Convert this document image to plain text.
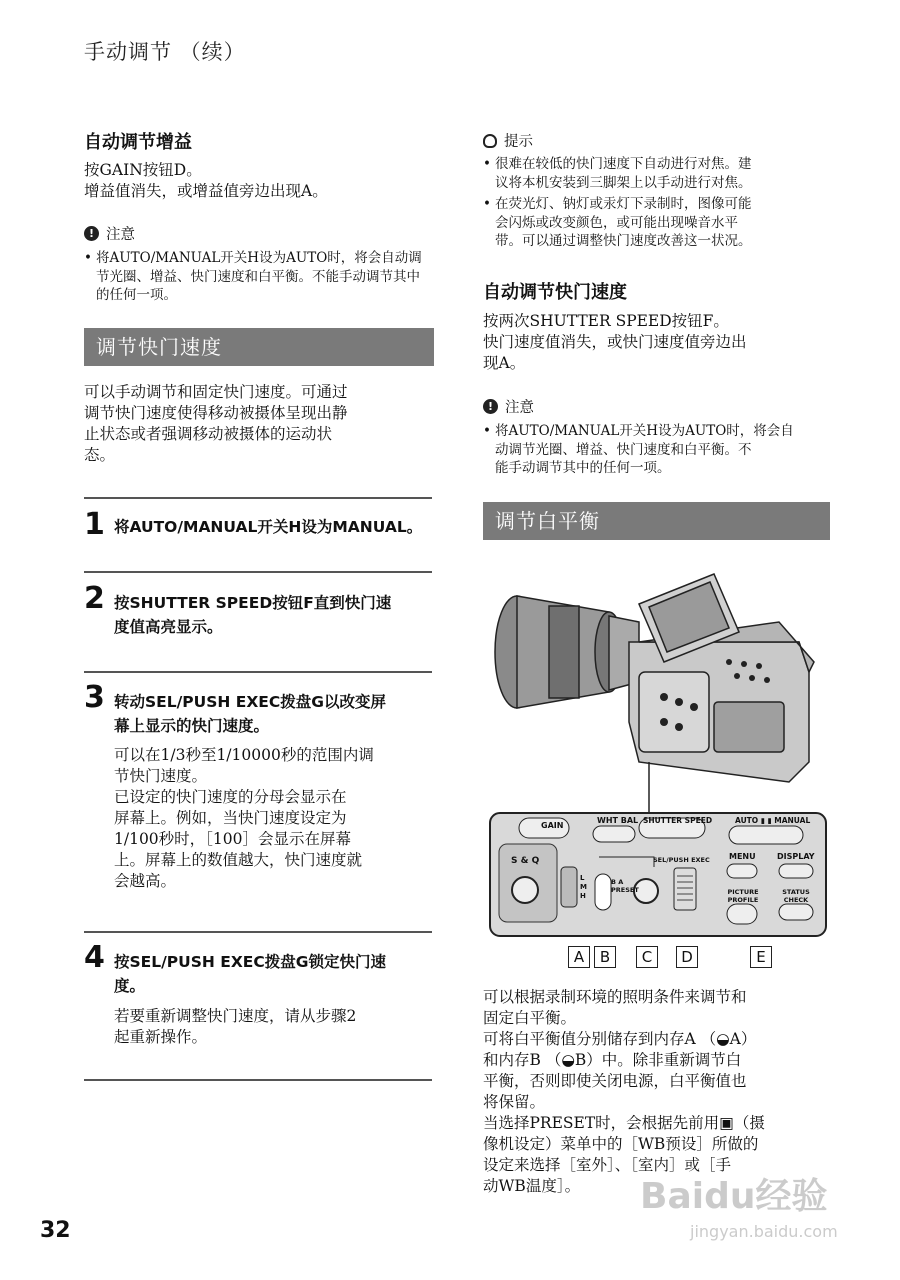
手动调节 （续）
自动调节增益
按GAIN按钮D。
增益值消失，或增益值旁边出现A。
! 注意
• 将AUTO/MANUAL开关H设为AUTO时，将会自动调节光圈、增益、快门速度和白平衡。不能手动调节其中的任何一项。
调节快门速度
可以手动调节和固定快门速度。可通过
调节快门速度使得移动被摄体呈现出静
止状态或者强调移动被摄体的运动状
态。
1 将AUTO/MANUAL开关H设为MANUAL。
2 按SHUTTER SPEED按钮F直到快门速
度值高亮显示。
3 转动SEL/PUSH EXEC拨盘G以改变屏
幕上显示的快门速度。
可以在1/3秒至1/10000秒的范围内调
节快门速度。
已设定的快门速度的分母会显示在
屏幕上。例如，当快门速度设定为
1/100秒时，［100］会显示在屏幕
上。屏幕上的数值越大，快门速度就
会越高。
4 按SEL/PUSH EXEC拨盘G锁定快门速
度。
若要重新调整快门速度，请从步骤2
起重新操作。
32
提示
• 很难在较低的快门速度下自动进行对焦。建
议将本机安装到三脚架上以手动进行对焦。
• 在荧光灯、钠灯或汞灯下录制时，图像可能
会闪烁或改变颜色，或可能出现噪音水平
带。可以通过调整快门速度改善这一状况。
自动调节快门速度
按两次SHUTTER SPEED按钮F。
快门速度值消失，或快门速度值旁边出
现A。
! 注意
• 将AUTO/MANUAL开关H设为AUTO时，将会自
动调节光圈、增益、快门速度和白平衡。不
能手动调节其中的任何一项。
调节白平衡
GAIN
WHT BAL SHUTTER SPEED	AUTO ▮ ▮ MANUAL
S & Q	SEL/PUSH EXEC MENU	DISPLAY
PICTURE PROFILE
STATUS CHECK
L M H
B A PRESET
A	B	C	D	E
可以根据录制环境的照明条件来调节和
固定白平衡。
可将白平衡值分别储存到内存A （◒A）
和内存B （◒B）中。除非重新调节白
平衡，否则即使关闭电源，白平衡值也
将保留。
当选择PRESET时，会根据先前用▣（摄
像机设定）菜单中的［WB预设］所做的
设定来选择［室外］、［室内］或［手
动WB温度］。	Baidu经验
jingyan.baidu.com
